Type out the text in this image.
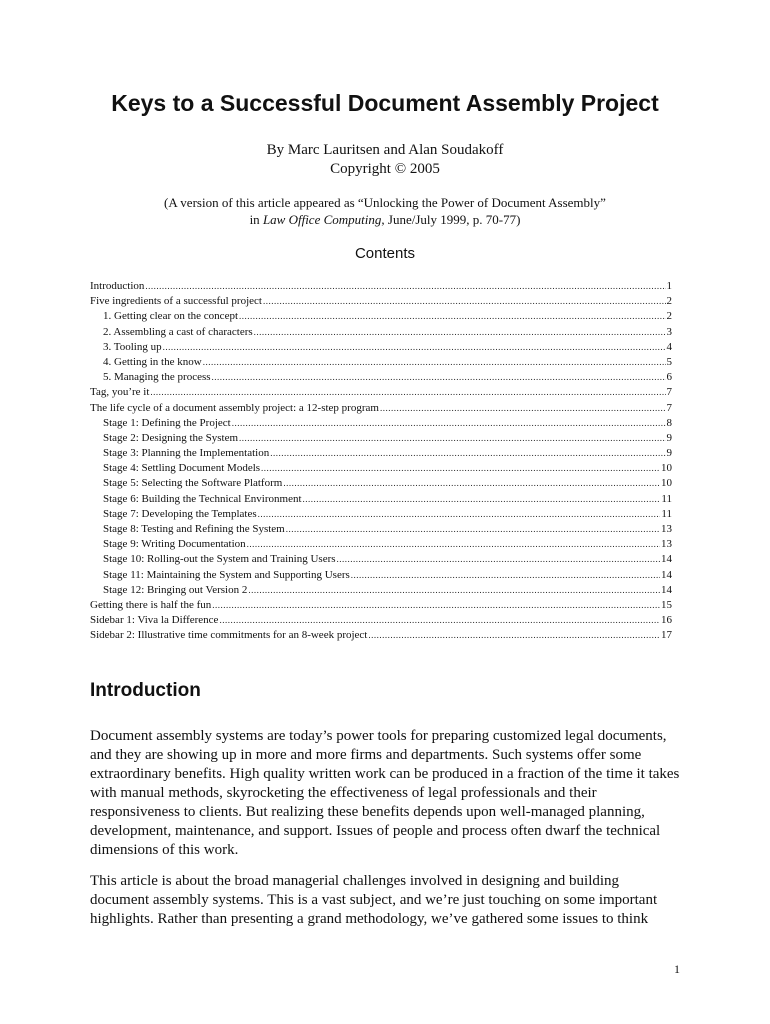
Keys to a Successful Document Assembly Project
By Marc Lauritsen and Alan Soudakoff
Copyright © 2005
(A version of this article appeared as “Unlocking the Power of Document Assembly”
in Law Office Computing, June/July 1999, p. 70-77)
Contents
Introduction .....	1
Five ingredients of a successful project .....	2
1. Getting clear on the concept .....	2
2. Assembling a cast of characters .....	3
3. Tooling up .....	4
4. Getting in the know .....	5
5. Managing the process .....	6
Tag, you’re it .....	7
The life cycle of a document assembly project: a 12-step program .....	7
Stage 1: Defining the Project .....	8
Stage 2: Designing the System .....	9
Stage 3: Planning the Implementation .....	9
Stage 4: Settling Document Models .....	10
Stage 5: Selecting the Software Platform .....	10
Stage 6: Building the Technical Environment .....	11
Stage 7: Developing the Templates .....	11
Stage 8: Testing and Refining the System .....	13
Stage 9: Writing Documentation .....	13
Stage 10: Rolling-out the System and Training Users .....	14
Stage 11: Maintaining the System and Supporting Users .....	14
Stage 12: Bringing out Version 2 .....	14
Getting there is half the fun .....	15
Sidebar 1: Viva la Difference .....	16
Sidebar 2: Illustrative time commitments for an 8-week project .....	17
Introduction

Document assembly systems are today’s power tools for preparing customized legal documents, and they are showing up in more and more firms and departments. Such systems offer some extraordinary benefits. High quality written work can be produced in a fraction of the time it takes with manual methods, skyrocketing the effectiveness of legal professionals and their responsiveness to clients. But realizing these benefits depends upon well-managed planning, development, maintenance, and support. Issues of people and process often dwarf the technical dimensions of this work.

This article is about the broad managerial challenges involved in designing and building document assembly systems. This is a vast subject, and we’re just touching on some important highlights. Rather than presenting a grand methodology, we’ve gathered some issues to think

1
